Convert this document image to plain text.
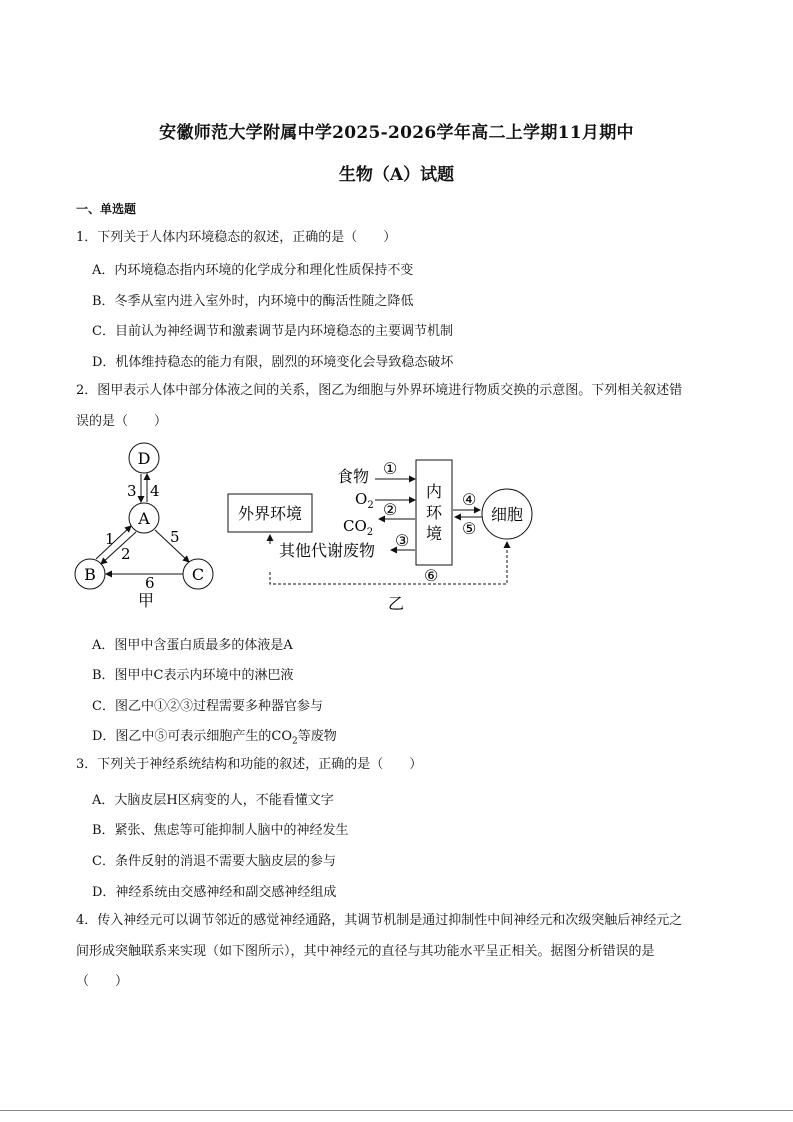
安徽师范大学附属中学2025-2026学年高二上学期11月期中
生物（A）试题
一、单选题
1．下列关于人体内环境稳态的叙述，正确的是（　　）
A．内环境稳态指内环境的化学成分和理化性质保持不变
B．冬季从室内进入室外时，内环境中的酶活性随之降低
C．目前认为神经调节和激素调节是内环境稳态的主要调节机制
D．机体维持稳态的能力有限，剧烈的环境变化会导致稳态破坏
2．图甲表示人体中部分体液之间的关系，图乙为细胞与外界环境进行物质交换的示意图。下列相关叙述错
误的是（　　）
D
A
B	C
3 4
1
2
5
6
甲
外界环境
内
环
境
细胞
食物 ①
$O_2$ ②
$CO_2$ ③
其他代谢废物
④
⑤
⑥
乙
A．图甲中含蛋白质最多的体液是A
B．图甲中C表示内环境中的淋巴液
C．图乙中①②③过程需要多种器官参与
D．图乙中⑤可表示细胞产生的$CO_2$等废物
3．下列关于神经系统结构和功能的叙述，正确的是（　　）
A．大脑皮层H区病变的人，不能看懂文字
B．紧张、焦虑等可能抑制人脑中的神经发生
C．条件反射的消退不需要大脑皮层的参与
D．神经系统由交感神经和副交感神经组成
4．传入神经元可以调节邻近的感觉神经通路，其调节机制是通过抑制性中间神经元和次级突触后神经元之
间形成突触联系来实现（如下图所示），其中神经元的直径与其功能水平呈正相关。据图分析错误的是
（　　）
